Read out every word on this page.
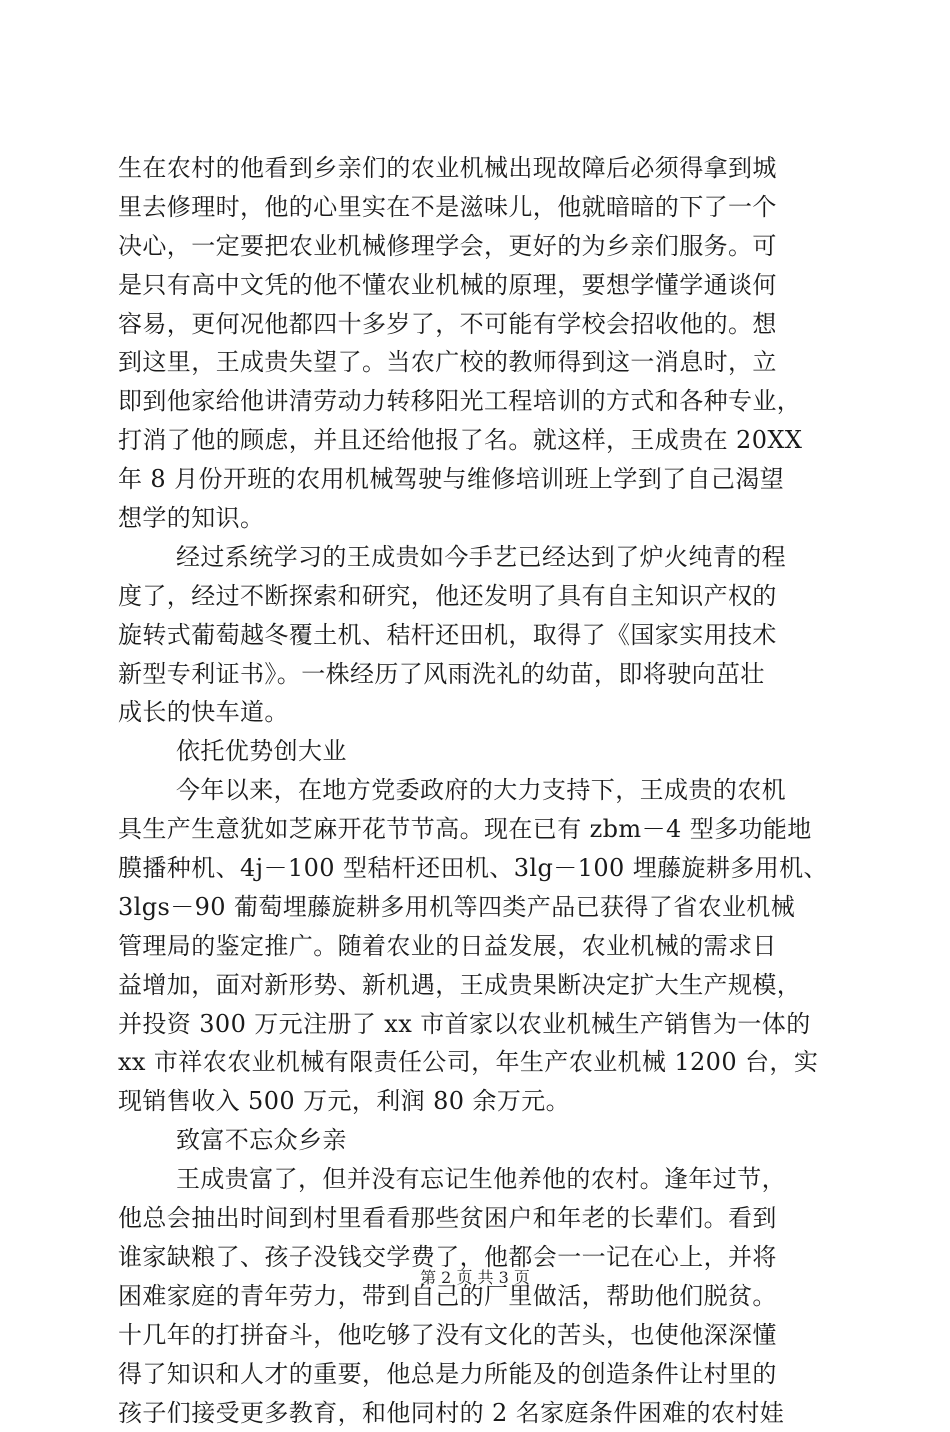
生在农村的他看到乡亲们的农业机械出现故障后必须得拿到城
里去修理时，他的心里实在不是滋味儿，他就暗暗的下了一个
决心，一定要把农业机械修理学会，更好的为乡亲们服务。可
是只有高中文凭的他不懂农业机械的原理，要想学懂学通谈何
容易，更何况他都四十多岁了，不可能有学校会招收他的。想
到这里，王成贵失望了。当农广校的教师得到这一消息时，立
即到他家给他讲清劳动力转移阳光工程培训的方式和各种专业，
打消了他的顾虑，并且还给他报了名。就这样，王成贵在 20XX
年 8 月份开班的农用机械驾驶与维修培训班上学到了自己渴望
想学的知识。
经过系统学习的王成贵如今手艺已经达到了炉火纯青的程
度了，经过不断探索和研究，他还发明了具有自主知识产权的
旋转式葡萄越冬覆土机、秸杆还田机，取得了《国家实用技术
新型专利证书》。一株经历了风雨洗礼的幼苗，即将驶向茁壮
成长的快车道。
依托优势创大业
今年以来，在地方党委政府的大力支持下，王成贵的农机
具生产生意犹如芝麻开花节节高。现在已有 zbm－4 型多功能地
膜播种机、4j－100 型秸杆还田机、3lg－100 埋藤旋耕多用机、
3lgs－90 葡萄埋藤旋耕多用机等四类产品已获得了省农业机械
管理局的鉴定推广。随着农业的日益发展，农业机械的需求日
益增加，面对新形势、新机遇，王成贵果断决定扩大生产规模，
并投资 300 万元注册了 xx 市首家以农业机械生产销售为一体的
xx 市祥农农业机械有限责任公司，年生产农业机械 1200 台，实
现销售收入 500 万元，利润 80 余万元。
致富不忘众乡亲
王成贵富了，但并没有忘记生他养他的农村。逢年过节，
他总会抽出时间到村里看看那些贫困户和年老的长辈们。看到
谁家缺粮了、孩子没钱交学费了，他都会一一记在心上，并将
困难家庭的青年劳力，带到自己的厂里做活，帮助他们脱贫。
十几年的打拼奋斗，他吃够了没有文化的苦头，也使他深深懂
得了知识和人才的重要，他总是力所能及的创造条件让村里的
孩子们接受更多教育，和他同村的 2 名家庭条件困难的农村娃
第 2 页 共 3 页
